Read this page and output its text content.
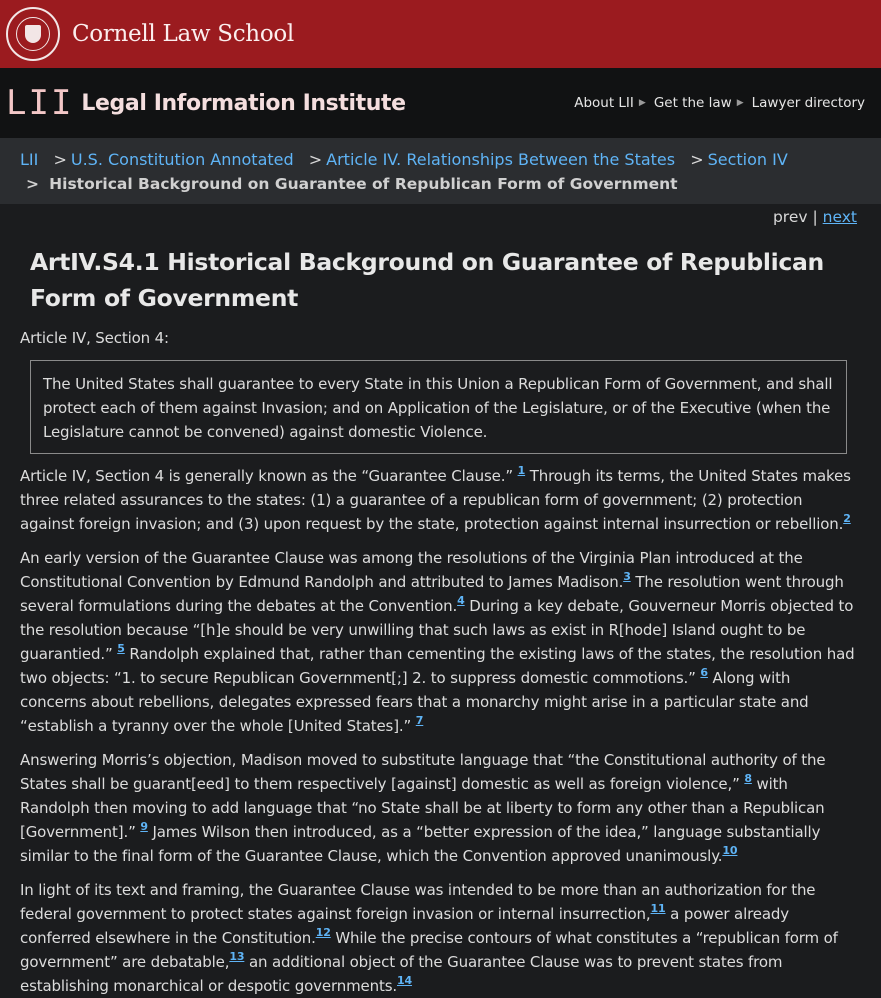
Cornell Law School
LII Legal Information Institute	About LII ▶ Get the law ▶ Lawyer directory
LII > U.S. Constitution Annotated > Article IV. Relationships Between the States > Section IV
> Historical Background on Guarantee of Republican Form of Government
prev | next
ArtIV.S4.1 Historical Background on Guarantee of Republican Form of Government
Article IV, Section 4:
The United States shall guarantee to every State in this Union a Republican Form of Government, and shall protect each of them against Invasion; and on Application of the Legislature, or of the Executive (when the Legislature cannot be convened) against domestic Violence.

Article IV, Section 4 is generally known as the “Guarantee Clause.” $^1$ Through its terms, the United States makes three related assurances to the states: (1) a guarantee of a republican form of government; (2) protection against foreign invasion; and (3) upon request by the state, protection against internal insurrection or rebellion.$^2$

An early version of the Guarantee Clause was among the resolutions of the Virginia Plan introduced at the Constitutional Convention by Edmund Randolph and attributed to James Madison.$^3$ The resolution went through several formulations during the debates at the Convention.$^4$ During a key debate, Gouverneur Morris objected to the resolution because “[h]e should be very unwilling that such laws as exist in R[hode] Island ought to be guarantied.” $^5$ Randolph explained that, rather than cementing the existing laws of the states, the resolution had two objects: “1. to secure Republican Government[;] 2. to suppress domestic commotions.” $^6$ Along with concerns about rebellions, delegates expressed fears that a monarchy might arise in a particular state and “establish a tyranny over the whole [United States].” $^7$

Answering Morris’s objection, Madison moved to substitute language that “the Constitutional authority of the States shall be guarant[eed] to them respectively [against] domestic as well as foreign violence,” $^8$ with Randolph then moving to add language that “no State shall be at liberty to form any other than a Republican [Government].” $^9$ James Wilson then introduced, as a “better expression of the idea,” language substantially similar to the final form of the Guarantee Clause, which the Convention approved unanimously.$^{10}$

In light of its text and framing, the Guarantee Clause was intended to be more than an authorization for the federal government to protect states against foreign invasion or internal insurrection,$^{11}$ a power already conferred elsewhere in the Constitution.$^{12}$ While the precise contours of what constitutes a “republican form of government” are debatable,$^{13}$ an additional object of the Guarantee Clause was to prevent states from establishing monarchical or despotic governments.$^{14}$
